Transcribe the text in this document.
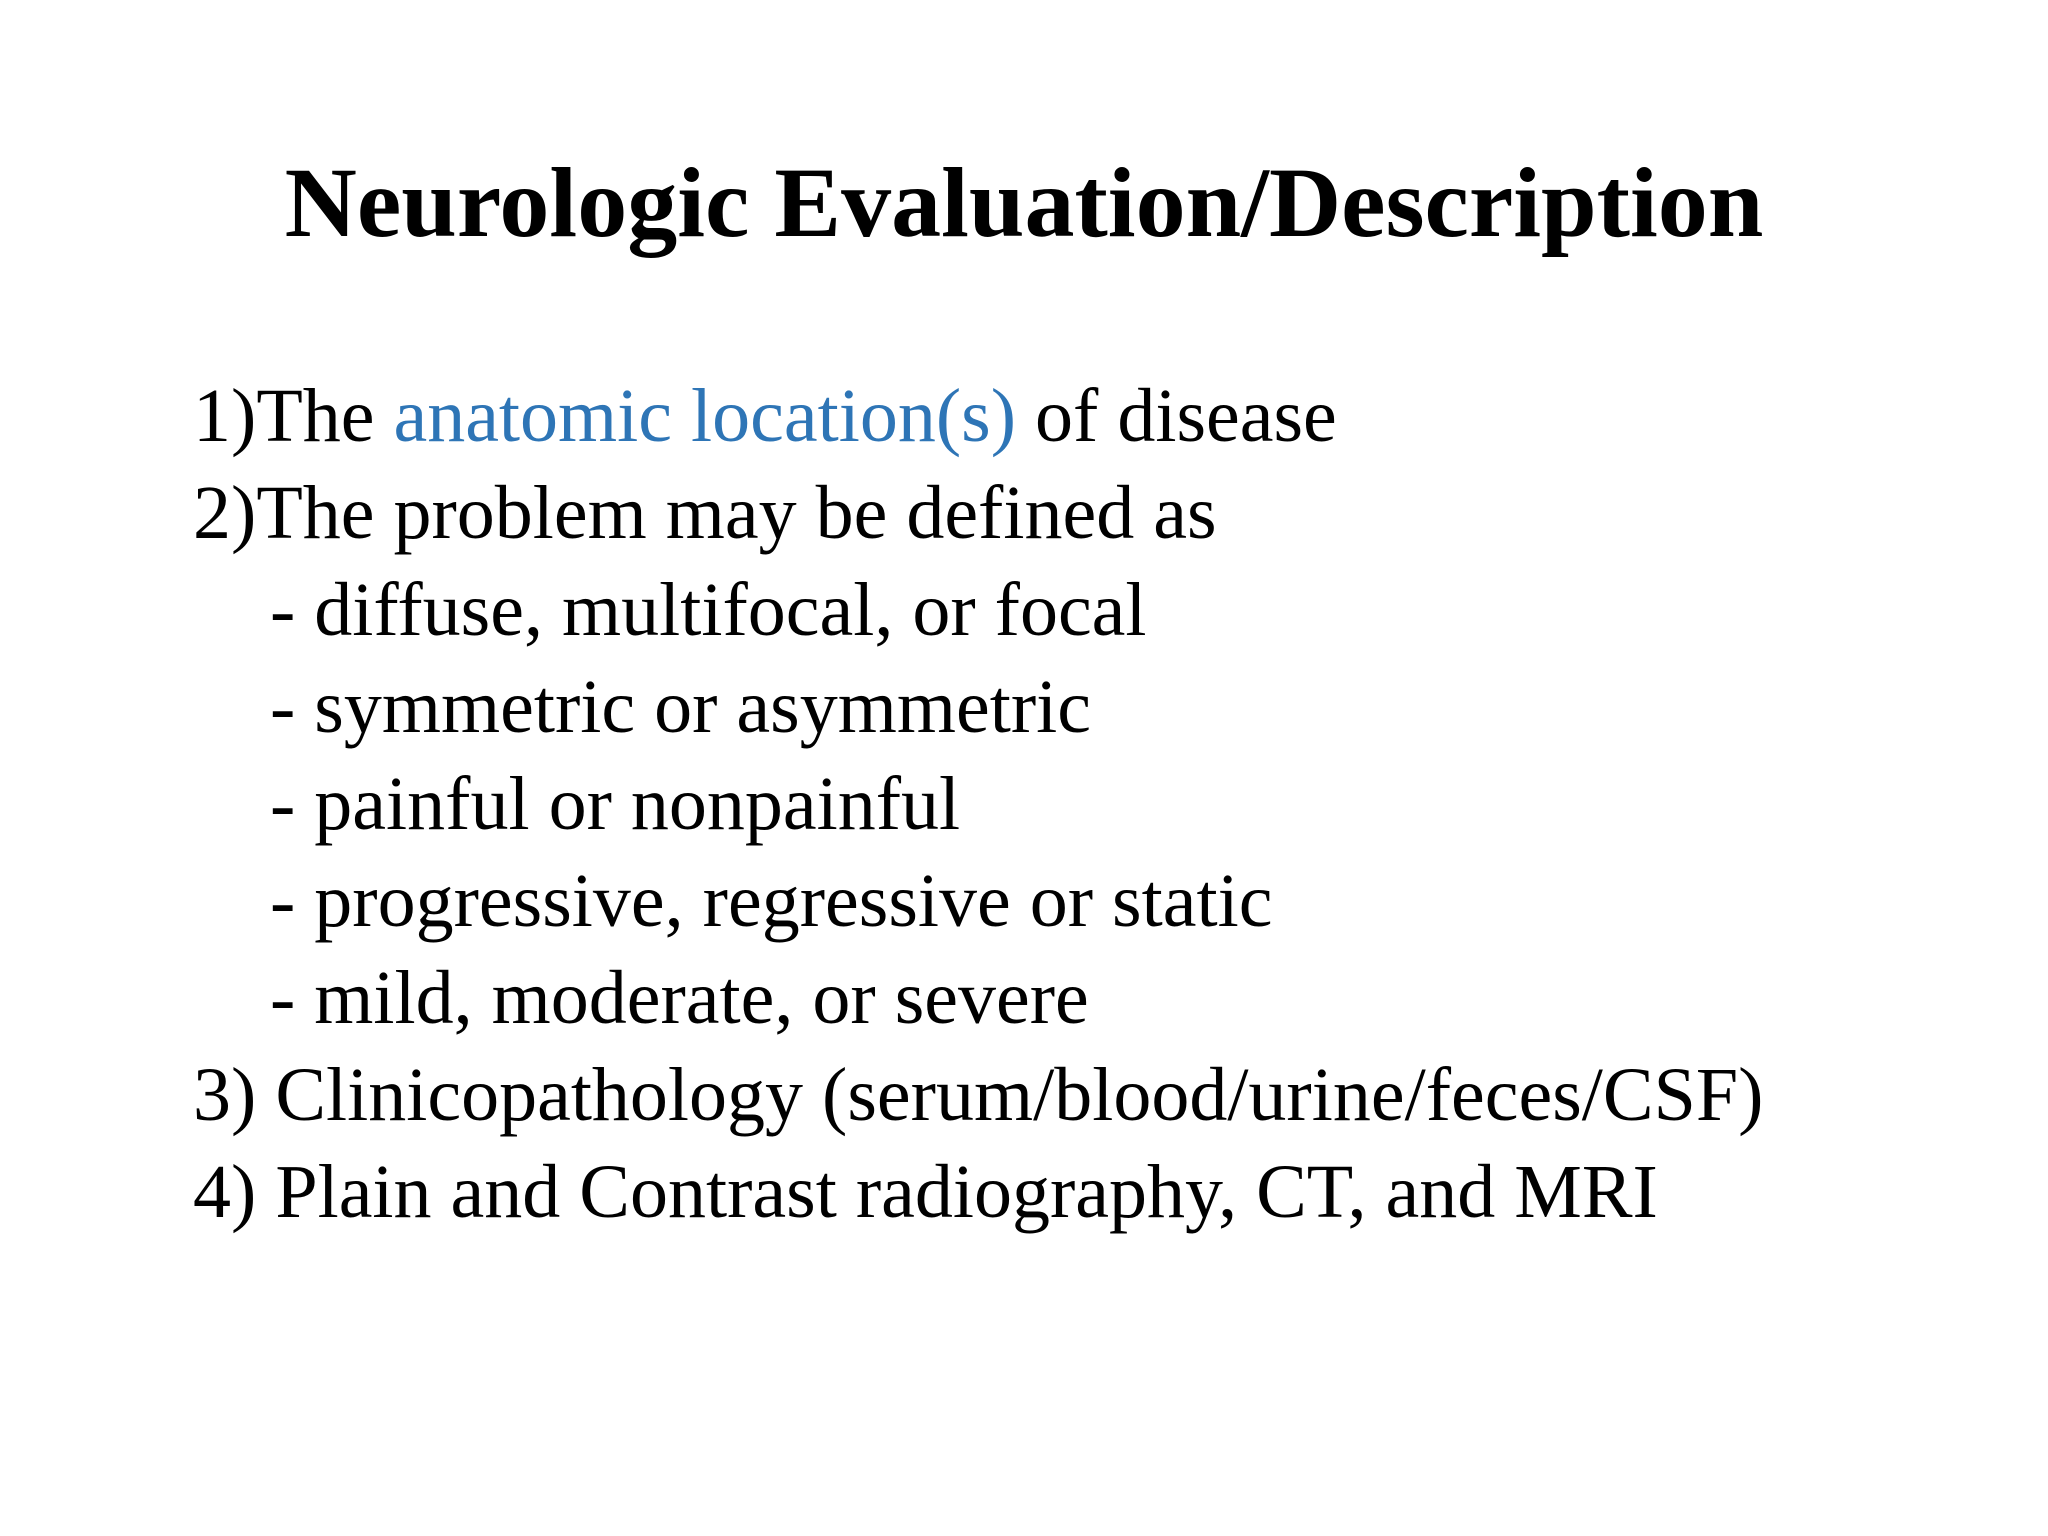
Neurologic Evaluation/Description
1)The anatomic location(s) of disease
2)The problem may be defined as
- diffuse, multifocal, or focal
- symmetric or asymmetric
- painful or nonpainful
- progressive, regressive or static
- mild, moderate, or severe
3) Clinicopathology (serum/blood/urine/feces/CSF)
4) Plain and Contrast radiography, CT, and MRI
